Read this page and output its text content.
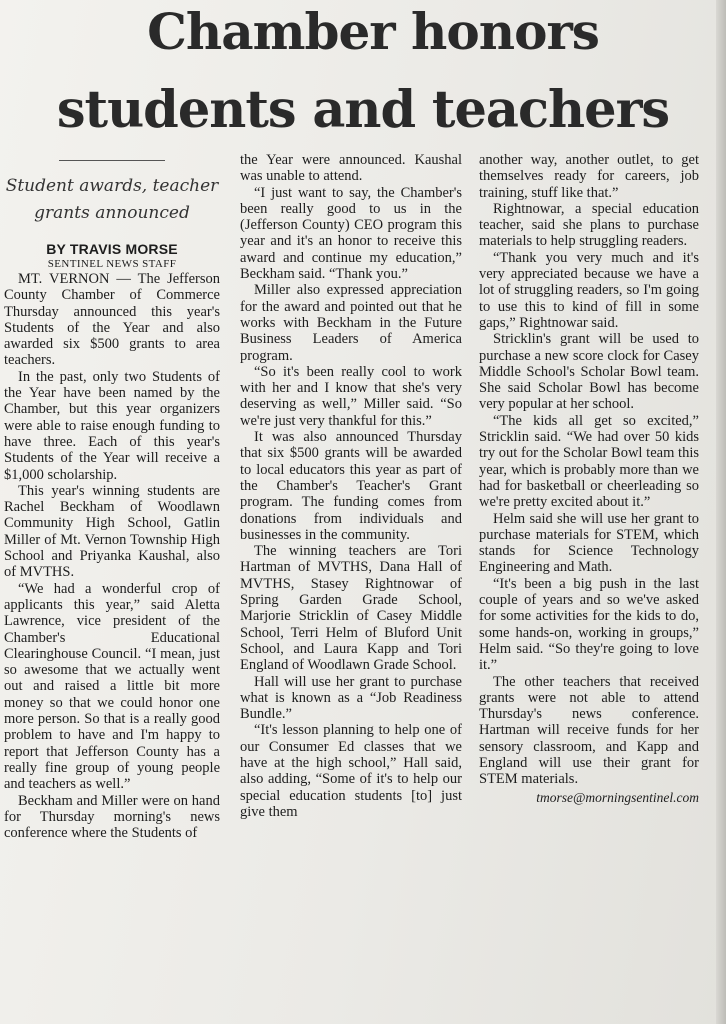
Chamber honors
students and teachers
Student awards, teacher grants announced

BY TRAVIS MORSE

SENTINEL NEWS STAFF

MT. VERNON — The Jefferson County Chamber of Commerce Thursday announced this year's Students of the Year and also awarded six $500 grants to area teachers.

In the past, only two Students of the Year have been named by the Chamber, but this year organizers were able to raise enough funding to have three. Each of this year's Students of the Year will receive a $1,000 scholarship.

This year's winning students are Rachel Beckham of Woodlawn Community High School, Gatlin Miller of Mt. Vernon Township High School and Priyanka Kaushal, also of MVTHS.

“We had a wonderful crop of applicants this year,” said Aletta Lawrence, vice president of the Chamber's Educational Clearinghouse Council. “I mean, just so awesome that we actually went out and raised a little bit more money so that we could honor one more person. So that is a really good problem to have and I'm happy to report that Jefferson County has a really fine group of young people and teachers as well.”

Beckham and Miller were on hand for Thursday morning's news conference where the Students of

the Year were announced. Kaushal was unable to attend.

“I just want to say, the Chamber's been really good to us in the (Jefferson County) CEO program this year and it's an honor to receive this award and continue my education,” Beckham said. “Thank you.”

Miller also expressed appreciation for the award and pointed out that he works with Beckham in the Future Business Leaders of America program.

“So it's been really cool to work with her and I know that she's very deserving as well,” Miller said. “So we're just very thankful for this.”

It was also announced Thursday that six $500 grants will be awarded to local educators this year as part of the Chamber's Teacher's Grant program. The funding comes from donations from individuals and businesses in the community.

The winning teachers are Tori Hartman of MVTHS, Dana Hall of MVTHS, Stasey Rightnowar of Spring Garden Grade School, Marjorie Stricklin of Casey Middle School, Terri Helm of Bluford Unit School, and Laura Kapp and Tori England of Woodlawn Grade School.

Hall will use her grant to purchase what is known as a “Job Readiness Bundle.”

“It's lesson planning to help one of our Consumer Ed classes that we have at the high school,” Hall said, also adding, “Some of it's to help our special education students [to] just give them

another way, another outlet, to get themselves ready for careers, job training, stuff like that.”

Rightnowar, a special education teacher, said she plans to purchase materials to help struggling readers.

“Thank you very much and it's very appreciated because we have a lot of struggling readers, so I'm going to use this to kind of fill in some gaps,” Rightnowar said.

Stricklin's grant will be used to purchase a new score clock for Casey Middle School's Scholar Bowl team. She said Scholar Bowl has become very popular at her school.

“The kids all get so excited,” Stricklin said. “We had over 50 kids try out for the Scholar Bowl team this year, which is probably more than we had for basketball or cheerleading so we're pretty excited about it.”

Helm said she will use her grant to purchase materials for STEM, which stands for Science Technology Engineering and Math.

“It's been a big push in the last couple of years and so we've asked for some activities for the kids to do, some hands-on, working in groups,” Helm said. “So they're going to love it.”

The other teachers that received grants were not able to attend Thursday's news conference. Hartman will receive funds for her sensory classroom, and Kapp and England will use their grant for STEM materials.

tmorse@morningsentinel.com
